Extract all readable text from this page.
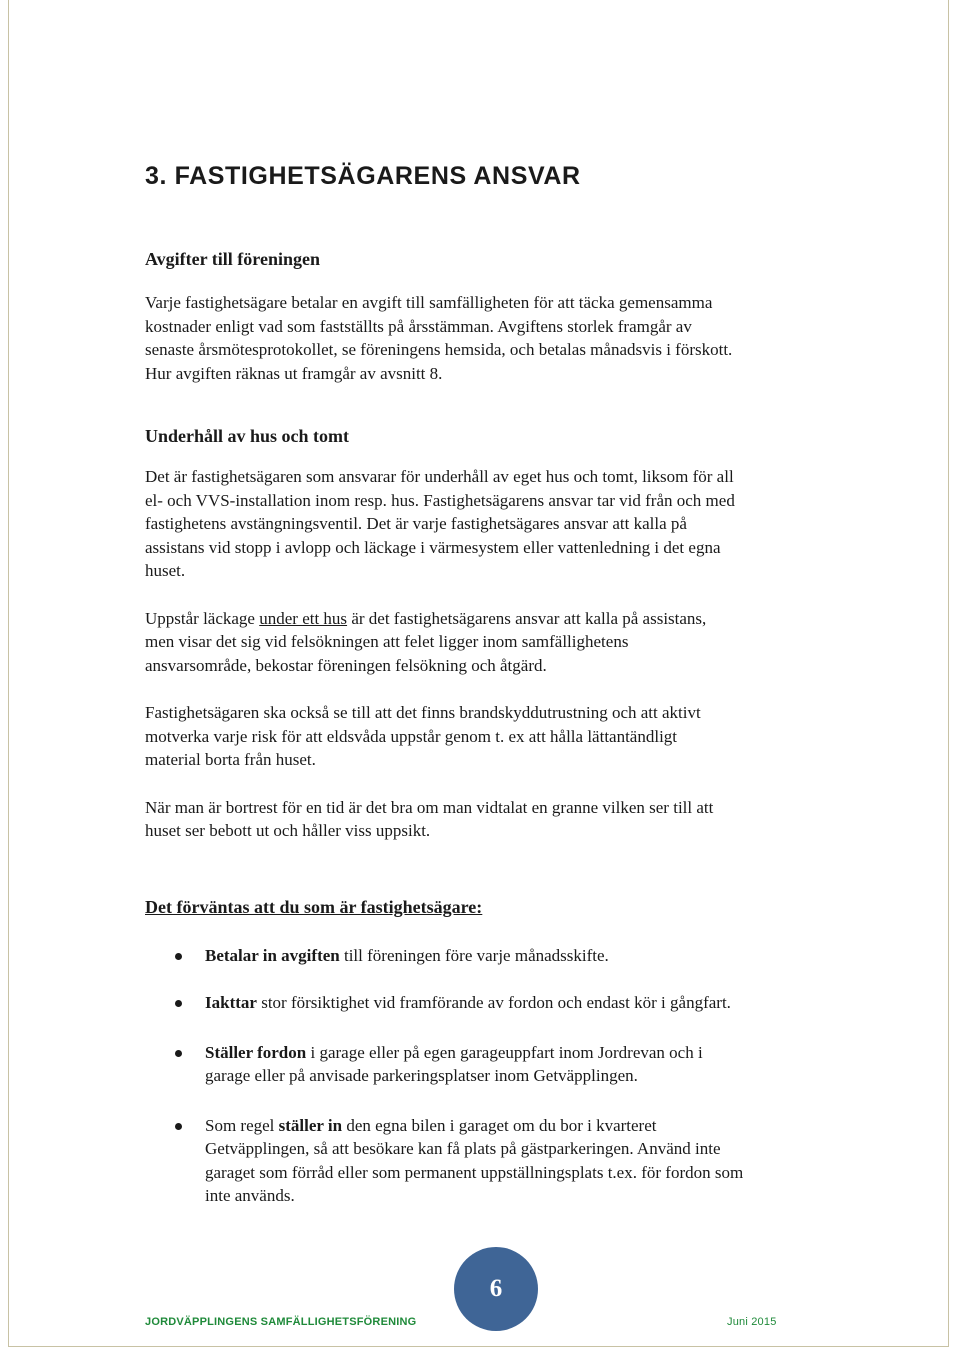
3. FASTIGHETSÄGARENS ANSVAR
Avgifter till föreningen

Varje fastighetsägare betalar en avgift till samfälligheten för att täcka gemensamma
kostnader enligt vad som fastställts på årsstämman. Avgiftens storlek framgår av
senaste årsmötesprotokollet, se föreningens hemsida, och betalas månadsvis i förskott.
Hur avgiften räknas ut framgår av avsnitt 8.

Underhåll av hus och tomt

Det är fastighetsägaren som ansvarar för underhåll av eget hus och tomt, liksom för all
el- och VVS-installation inom resp. hus. Fastighetsägarens ansvar tar vid från och med
fastighetens avstängningsventil. Det är varje fastighetsägares ansvar att kalla på
assistans vid stopp i avlopp och läckage i värmesystem eller vattenledning i det egna
huset.

Uppstår läckage under ett hus är det fastighetsägarens ansvar att kalla på assistans,
men visar det sig vid felsökningen att felet ligger inom samfällighetens
ansvarsområde, bekostar föreningen felsökning och åtgärd.

Fastighetsägaren ska också se till att det finns brandskyddutrustning och att aktivt
motverka varje risk för att eldsvåda uppstår genom t. ex att hålla lättantändligt
material borta från huset.

När man är bortrest för en tid är det bra om man vidtalat en granne vilken ser till att
huset ser bebott ut och håller viss uppsikt.

Det förväntas att du som är fastighetsägare:
Betalar in avgiften till föreningen före varje månadsskifte.
Iakttar stor försiktighet vid framförande av fordon och endast kör i gångfart.
Ställer fordon i garage eller på egen garageuppfart inom Jordrevan och i
garage eller på anvisade parkeringsplatser inom Getväpplingen.
Som regel ställer in den egna bilen i garaget om du bor i kvarteret
Getväpplingen, så att besökare kan få plats på gästparkeringen. Använd inte
garaget som förråd eller som permanent uppställningsplats t.ex. för fordon som
inte används.
6
JORDVÄPPLINGENS SAMFÄLLIGHETSFÖRENING	Juni 2015
